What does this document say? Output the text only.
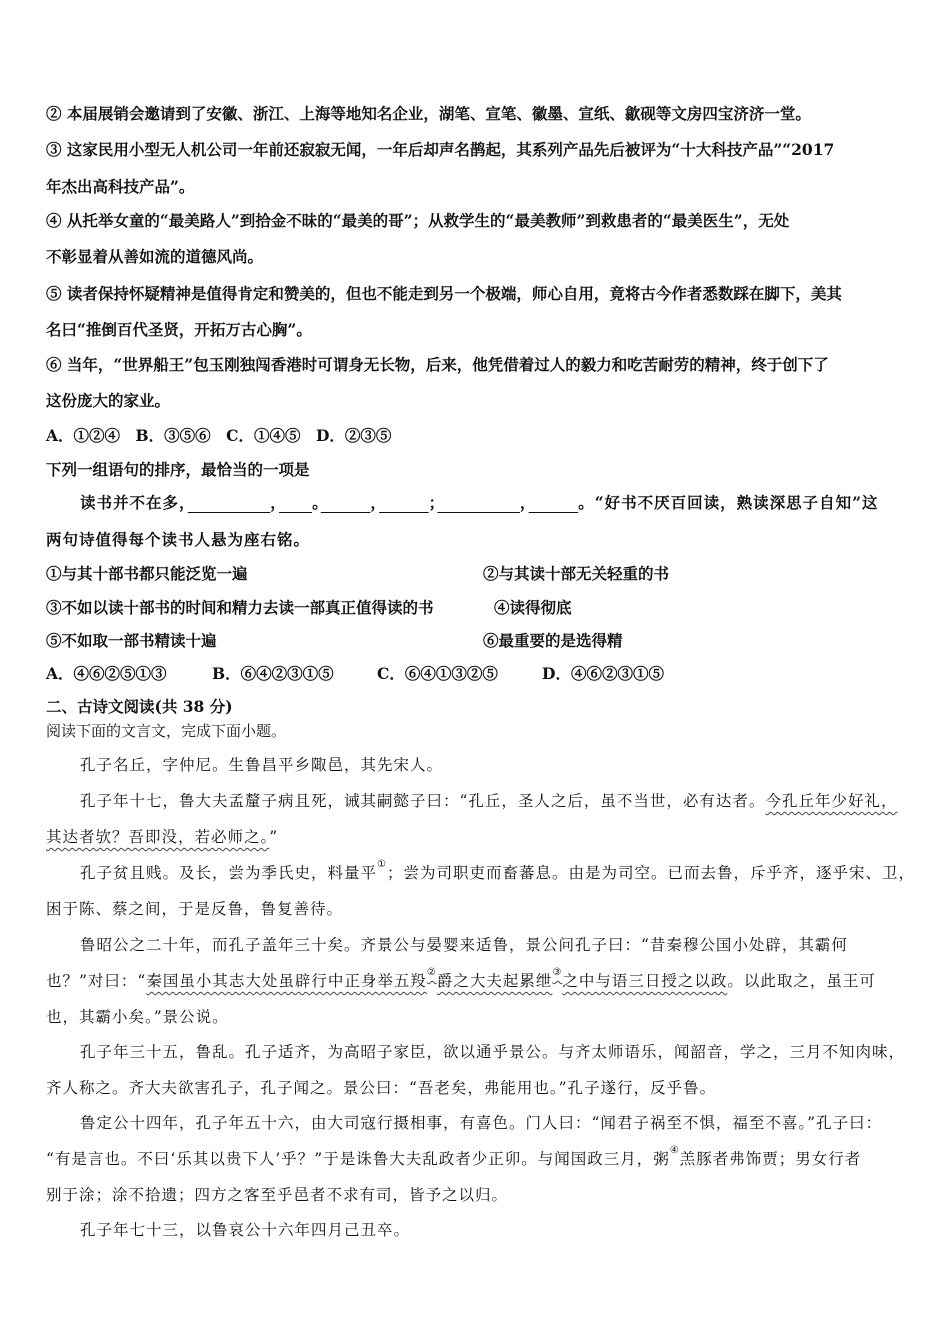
② 本届展销会邀请到了安徽、浙江、上海等地知名企业，湖笔、宣笔、徽墨、宣纸、歙砚等文房四宝济济一堂。
③ 这家民用小型无人机公司一年前还寂寂无闻，一年后却声名鹊起，其系列产品先后被评为“十大科技产品”“2017
年杰出高科技产品”。
④ 从托举女童的“最美路人”到拾金不昧的“最美的哥”；从救学生的“最美教师”到救患者的“最美医生”，无处
不彰显着从善如流的道德风尚。
⑤ 读者保持怀疑精神是值得肯定和赞美的，但也不能走到另一个极端，师心自用，竟将古今作者悉数踩在脚下，美其
名曰“推倒百代圣贤，开拓万古心胸”。
⑥ 当年，“世界船王”包玉刚独闯香港时可谓身无长物，后来，他凭借着过人的毅力和吃苦耐劳的精神，终于创下了
这份庞大的家业。
A．①②④　B．③⑤⑥　C．①④⑤　D．②③⑤
下列一组语句的排序，最恰当的一项是
读书并不在多，　　　　　	，　　 。　　　	，　　　	；　　　　　	，　　　	。“好书不厌百回读，熟读深思子自知”这
两句诗值得每个读书人悬为座右铭。
①与其十部书都只能泛览一遍	②与其读十部无关轻重的书
③不如以读十部书的时间和精力去读一部真正值得读的书	④读得彻底
⑤不如取一部书精读十遍	⑥最重要的是选得精
A．④⑥②⑤①③	B．⑥④②③①⑤	C．⑥④①③②⑤	D．④⑥②③①⑤
二、古诗文阅读(共 38 分)
阅读下面的文言文，完成下面小题。
孔子名丘，字仲尼。生鲁昌平乡陬邑，其先宋人。
孔子年十七，鲁大夫孟釐子病且死，诫其嗣懿子曰：“孔丘，圣人之后，虽不当世，必有达者。今孔丘年少好礼，
其达者欤？吾即没，若必师之。”
孔子贫且贱。及长，尝为季氏史，料量平①；尝为司职吏而畜蕃息。由是为司空。已而去鲁，斥乎齐，逐乎宋、卫，
困于陈、蔡之间，于是反鲁，鲁复善待。
鲁昭公之二十年，而孔子盖年三十矣。齐景公与晏婴来适鲁，景公问孔子曰：“昔秦穆公国小处辟，其霸何
也？”对曰：“秦国虽小其志大处虽辟行中正身举五羖②爵之大夫起累绁③之中与语三日授之以政。以此取之，虽王可
也，其霸小矣。”景公说。
孔子年三十五，鲁乱。孔子适齐，为高昭子家臣，欲以通乎景公。与齐太师语乐，闻韶音，学之，三月不知肉味，
齐人称之。齐大夫欲害孔子，孔子闻之。景公曰：“吾老矣，弗能用也。”孔子遂行，反乎鲁。
鲁定公十四年，孔子年五十六，由大司寇行摄相事，有喜色。门人曰：“闻君子祸至不惧，福至不喜。”孔子曰：
“有是言也。不曰‘乐其以贵下人’乎？”于是诛鲁大夫乱政者少正卯。与闻国政三月，粥④羔豚者弗饰贾；男女行者
别于涂；涂不拾遗；四方之客至乎邑者不求有司，皆予之以归。
孔子年七十三，以鲁哀公十六年四月己丑卒。
